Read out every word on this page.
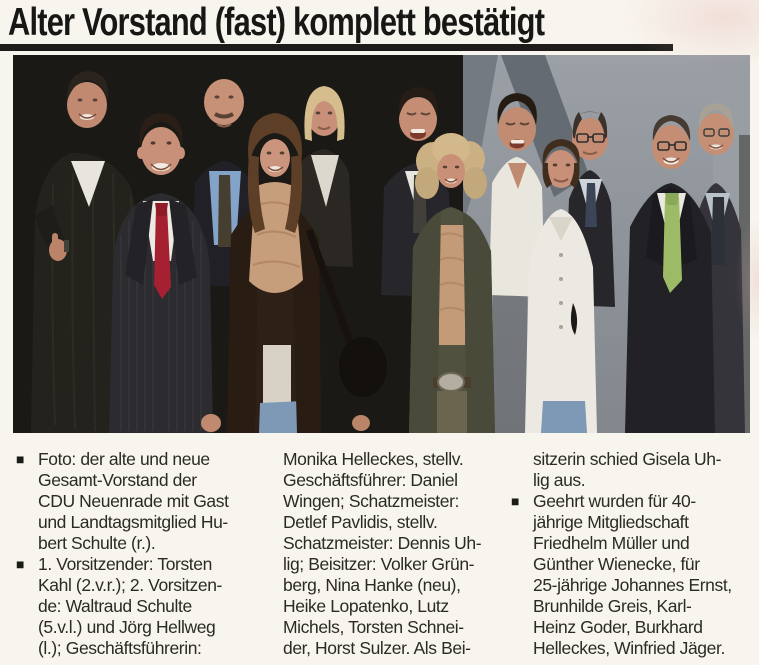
Alter Vorstand (fast) komplett bestätigt
■ Foto: der alte und neue
Gesamt-Vorstand der
CDU Neuenrade mit Gast
und Landtagsmitglied Hu-
bert Schulte (r.).
■ 1. Vorsitzender: Torsten
Kahl (2.v.r.); 2. Vorsitzen-
de: Waltraud Schulte
(5.v.l.) und Jörg Hellweg
(l.); Geschäftsführerin:
Monika Helleckes, stellv.
Geschäftsführer: Daniel
Wingen; Schatzmeister:
Detlef Pavlidis, stellv.
Schatzmeister: Dennis Uh-
lig; Beisitzer: Volker Grün-
berg, Nina Hanke (neu),
Heike Lopatenko, Lutz
Michels, Torsten Schnei-
der, Horst Sulzer. Als Bei-
sitzerin schied Gisela Uh-
lig aus.
■ Geehrt wurden für 40-
jährige Mitgliedschaft
Friedhelm Müller und
Günther Wienecke, für
25-jährige Johannes Ernst,
Brunhilde Greis, Karl-
Heinz Goder, Burkhard
Helleckes, Winfried Jäger.
